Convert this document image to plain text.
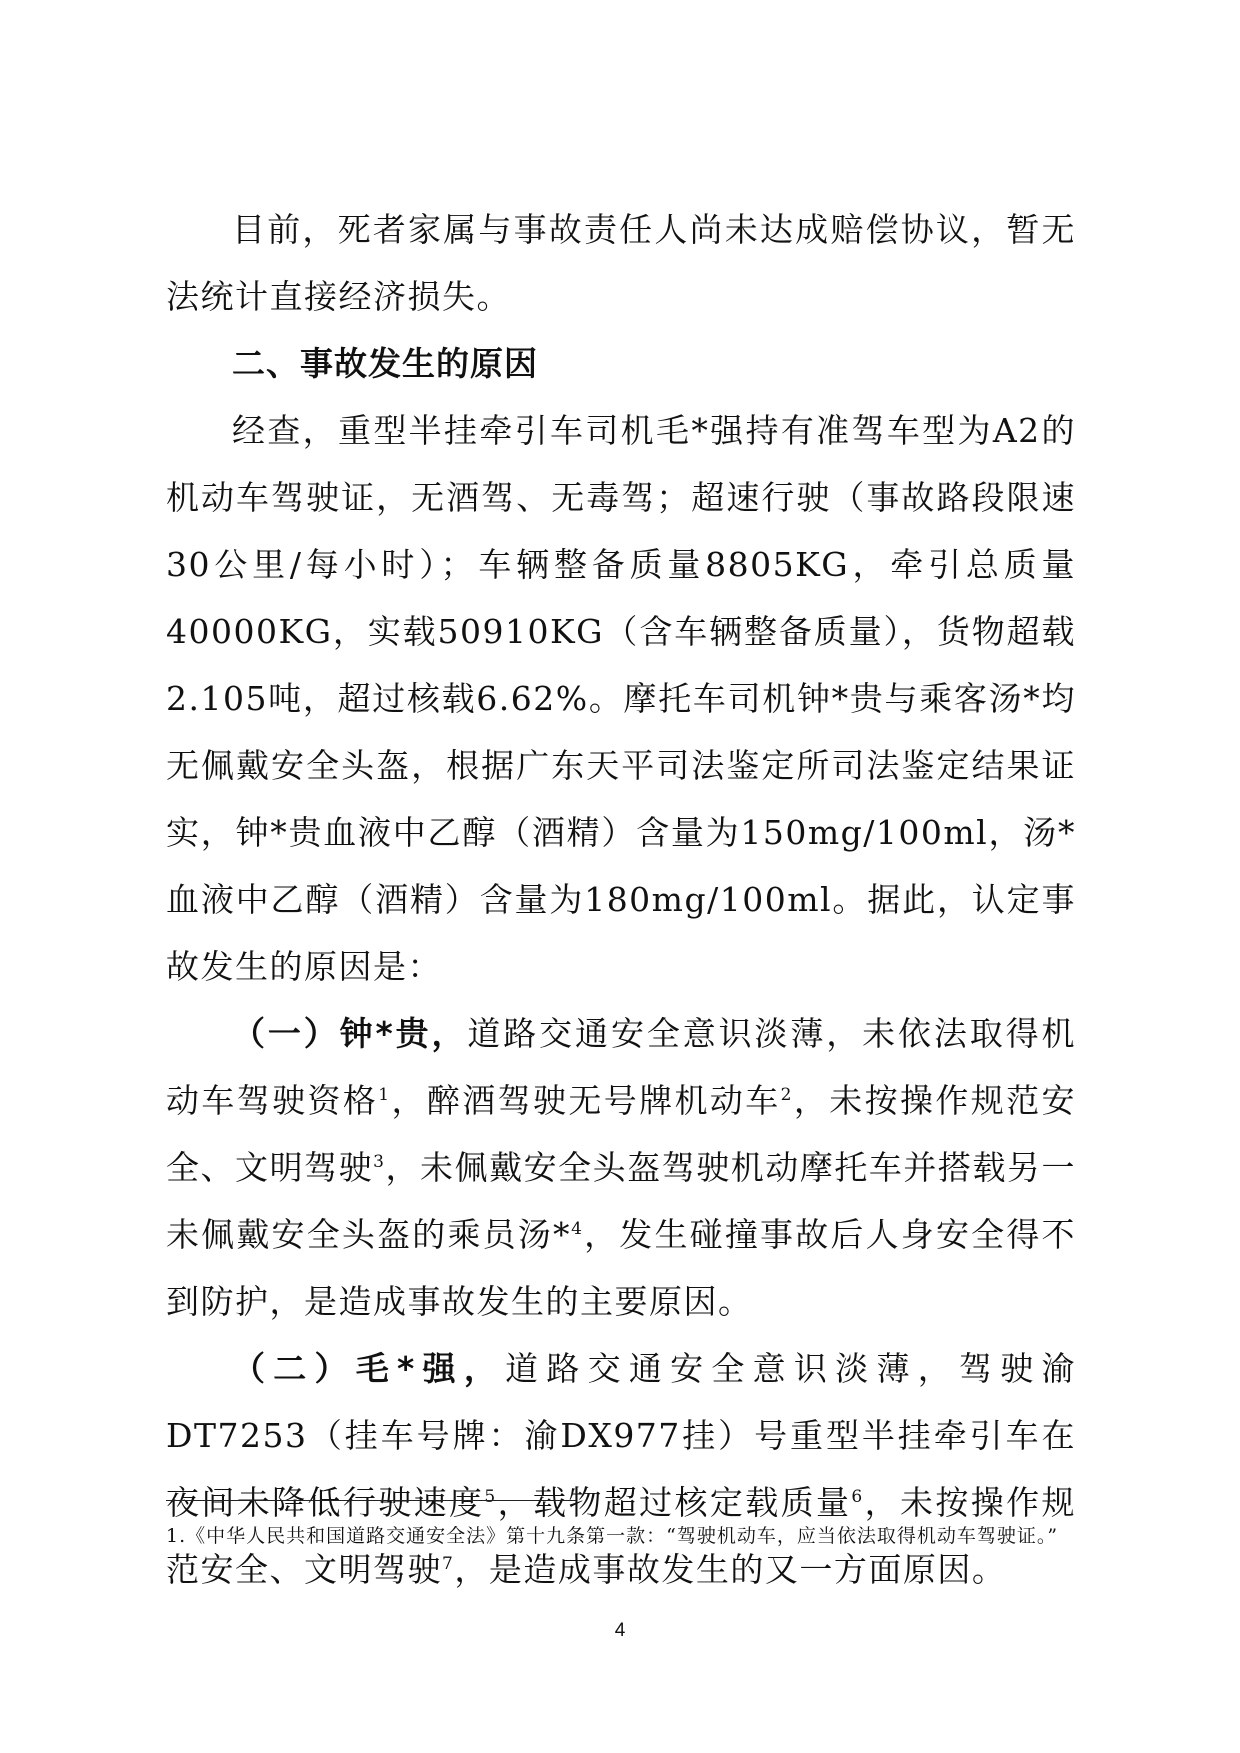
目前，死者家属与事故责任人尚未达成赔偿协议，暂无法统计直接经济损失。

二、事故发生的原因

经查，重型半挂牵引车司机毛*强持有准驾车型为A2的机动车驾驶证，无酒驾、无毒驾；超速行驶（事故路段限速30公里/每小时）；车辆整备质量8805KG，牵引总质量40000KG，实载50910KG（含车辆整备质量），货物超载2.105吨，超过核载6.62%。摩托车司机钟*贵与乘客汤*均无佩戴安全头盔，根据广东天平司法鉴定所司法鉴定结果证实，钟*贵血液中乙醇（酒精）含量为150mg/100ml，汤*血液中乙醇（酒精）含量为180mg/100ml。据此，认定事故发生的原因是：

（一）钟*贵，道路交通安全意识淡薄，未依法取得机动车驾驶资格$^1$，醉酒驾驶无号牌机动车$^2$，未按操作规范安全、文明驾驶$^3$，未佩戴安全头盔驾驶机动摩托车并搭载另一未佩戴安全头盔的乘员汤*$^4$，发生碰撞事故后人身安全得不到防护，是造成事故发生的主要原因。

（二）毛*强，道路交通安全意识淡薄，驾驶渝DT7253（挂车号牌：渝DX977挂）号重型半挂牵引车在夜间未降低行驶速度$^5$，载物超过核定载质量$^6$，未按操作规范安全、文明驾驶$^7$，是造成事故发生的又一方面原因。

1.《中华人民共和国道路交通安全法》第十九条第一款：“驾驶机动车，应当依法取得机动车驾驶证。”

4
